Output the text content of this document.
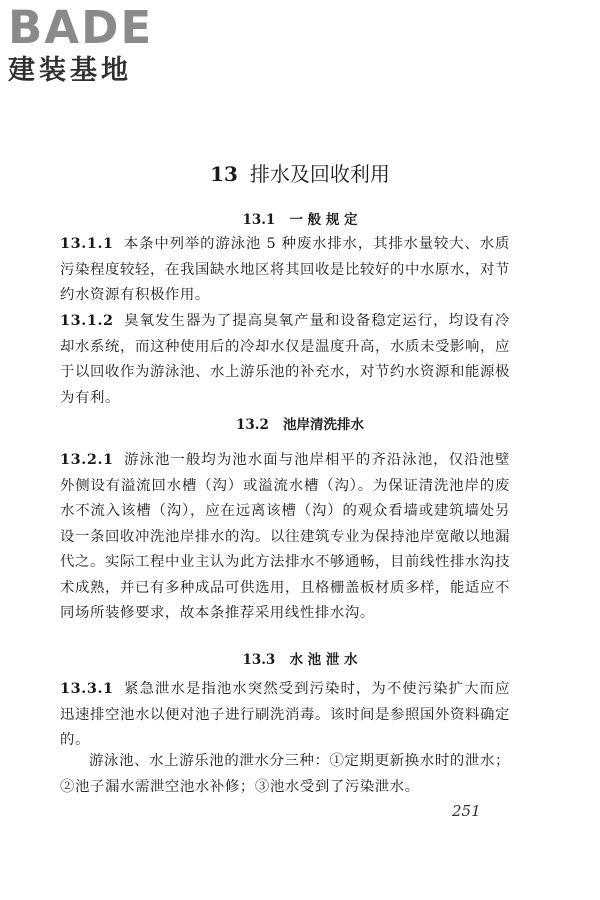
BADE
建装基地
13 排水及回收利用
13.1 一 般 规 定

13.1.1 本条中列举的游泳池 5 种废水排水，其排水量较大、水质污染程度较轻，在我国缺水地区将其回收是比较好的中水原水，对节约水资源有积极作用。

13.1.2 臭氧发生器为了提高臭氧产量和设备稳定运行，均设有冷却水系统，而这种使用后的冷却水仅是温度升高，水质未受影响，应于以回收作为游泳池、水上游乐池的补充水，对节约水资源和能源极为有利。

13.2 池岸清洗排水

13.2.1 游泳池一般均为池水面与池岸相平的齐沿泳池，仅沿池壁外侧设有溢流回水槽（沟）或溢流水槽（沟）。为保证清洗池岸的废水不流入该槽（沟），应在远离该槽（沟）的观众看墙或建筑墙处另设一条回收冲洗池岸排水的沟。以往建筑专业为保持池岸宽敞以地漏代之。实际工程中业主认为此方法排水不够通畅，目前线性排水沟技术成熟，并已有多种成品可供选用，且格栅盖板材质多样，能适应不同场所装修要求，故本条推荐采用线性排水沟。

13.3 水 池 泄 水

13.3.1 紧急泄水是指池水突然受到污染时，为不使污染扩大而应迅速排空池水以便对池子进行刷洗消毒。该时间是参照国外资料确定的。

游泳池、水上游乐池的泄水分三种：①定期更新换水时的泄水；②池子漏水需泄空池水补修；③池水受到了污染泄水。

251
